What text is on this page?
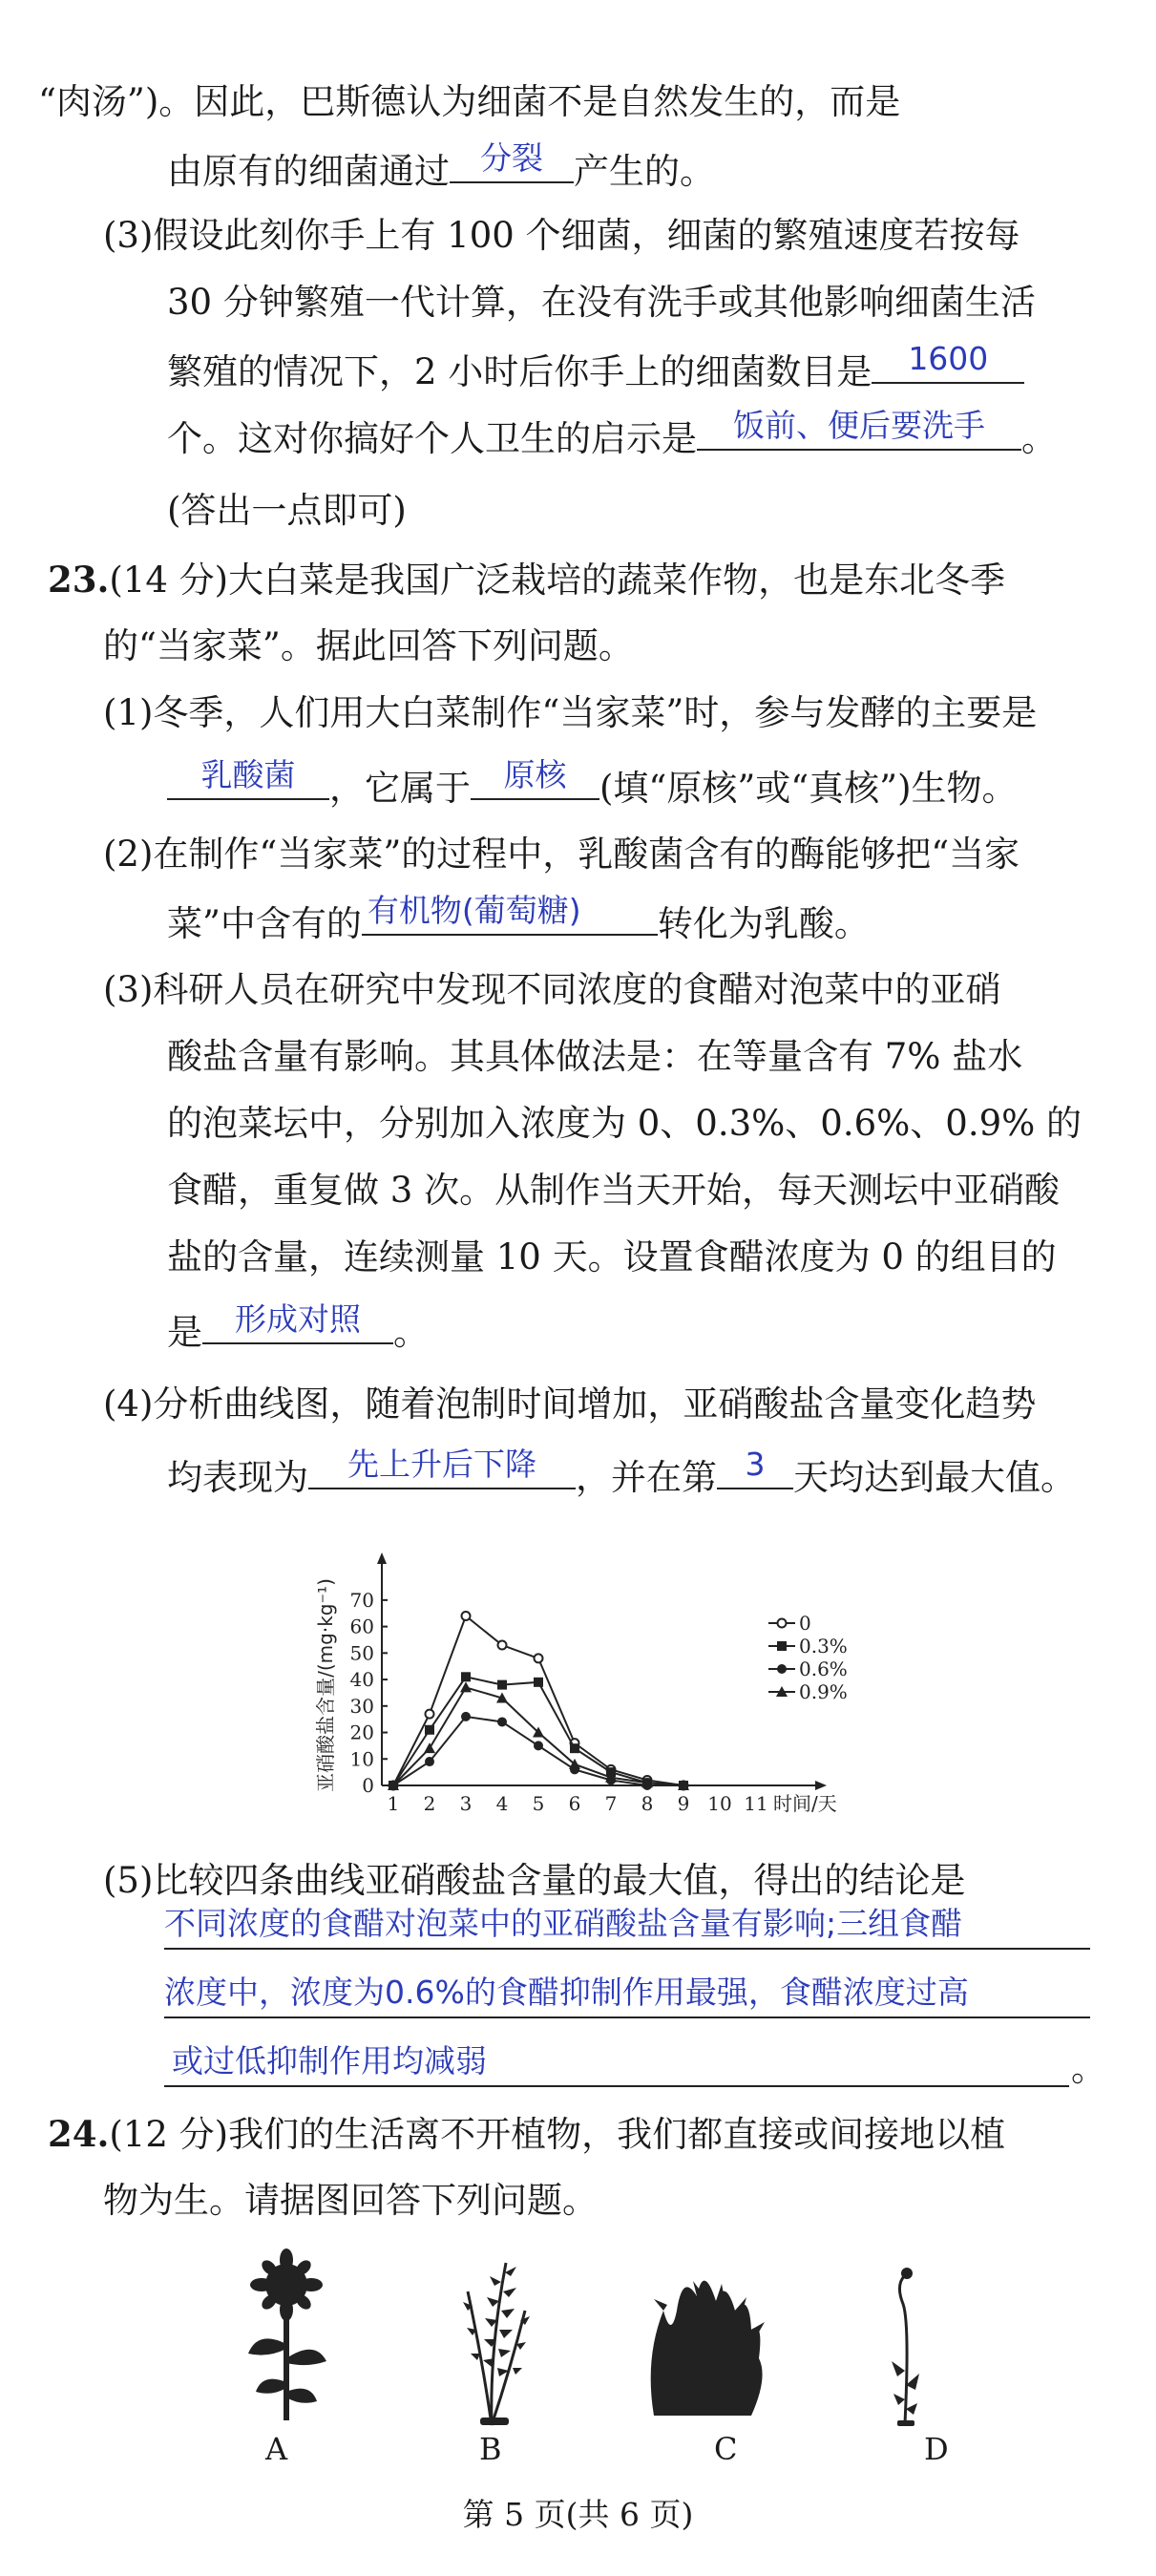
“肉汤”)。因此，巴斯德认为细菌不是自然发生的，而是
由原有的细菌通过 分裂 产生的。
(3)假设此刻你手上有 100 个细菌，细菌的繁殖速度若按每
30 分钟繁殖一代计算，在没有洗手或其他影响细菌生活
繁殖的情况下，2 小时后你手上的细菌数目是	1600
个。这对你搞好个人卫生的启示是	饭前、便后要洗手	。
(答出一点即可)
23.(14 分)大白菜是我国广泛栽培的蔬菜作物，也是东北冬季
的“当家菜”。据此回答下列问题。
(1)冬季，人们用大白菜制作“当家菜”时，参与发酵的主要是
乳酸菌 ，它属于	原核 (填“原核”或“真核”)生物。
(2)在制作“当家菜”的过程中，乳酸菌含有的酶能够把“当家
菜”中含有的 有机物(葡萄糖)	转化为乳酸。
(3)科研人员在研究中发现不同浓度的食醋对泡菜中的亚硝
酸盐含量有影响。其具体做法是：在等量含有 7% 盐水
的泡菜坛中，分别加入浓度为 0、0.3%、0.6%、0.9% 的
食醋，重复做 3 次。从制作当天开始，每天测坛中亚硝酸
盐的含量，连续测量 10 天。设置食醋浓度为 0 的组目的
是	形成对照 。
(4)分析曲线图，随着泡制时间增加，亚硝酸盐含量变化趋势
均表现为	先上升后下降	，并在第 3 天均达到最大值。
0
10
20
30
40
50
60
70
1 2 3 4 5 6 7 8 9 10 11 时间/天
亚硝酸盐含量/(mg·kg⁻¹)	0
0.3%
0.6%
0.9%
(5)比较四条曲线亚硝酸盐含量的最大值，得出的结论是
不同浓度的食醋对泡菜中的亚硝酸盐含量有影响;三组食醋
浓度中，浓度为0.6%的食醋抑制作用最强，食醋浓度过高
或过低抑制作用均减弱	。
24.(12 分)我们的生活离不开植物，我们都直接或间接地以植
物为生。请据图回答下列问题。
A	B	C	D
第 5 页(共 6 页)
